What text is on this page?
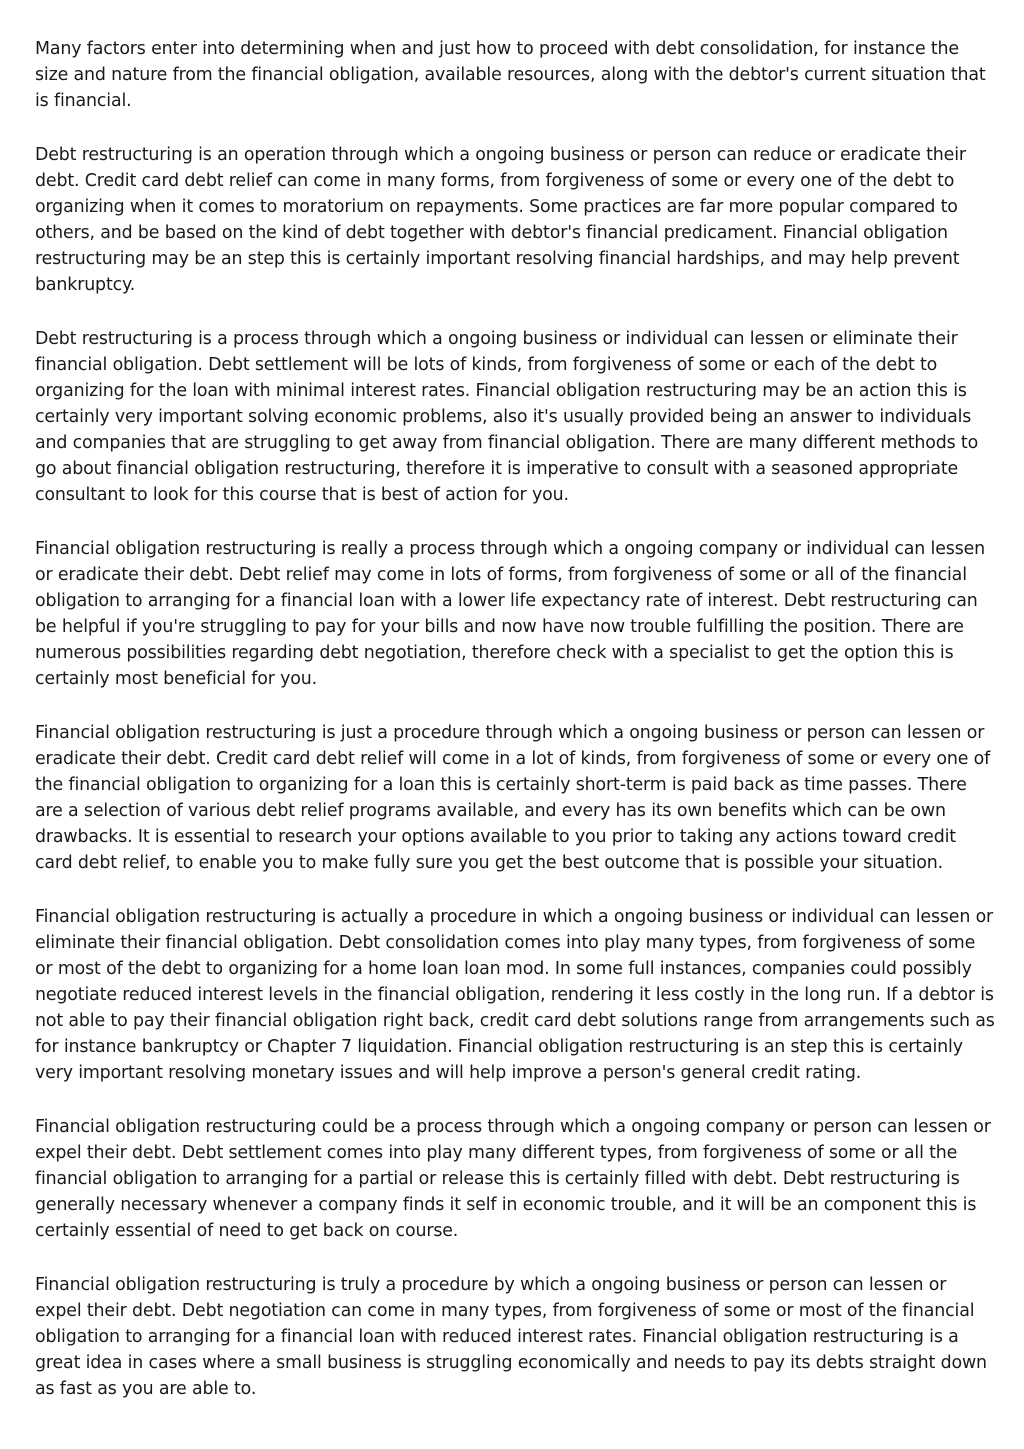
Many factors enter into determining when and just how to proceed with debt consolidation, for instance the size and nature from the financial obligation, available resources, along with the debtor's current situation that is financial.

Debt restructuring is an operation through which a ongoing business or person can reduce or eradicate their debt. Credit card debt relief can come in many forms, from forgiveness of some or every one of the debt to organizing when it comes to moratorium on repayments. Some practices are far more popular compared to others, and be based on the kind of debt together with debtor's financial predicament. Financial obligation restructuring may be an step this is certainly important resolving financial hardships, and may help prevent bankruptcy.

Debt restructuring is a process through which a ongoing business or individual can lessen or eliminate their financial obligation. Debt settlement will be lots of kinds, from forgiveness of some or each of the debt to organizing for the loan with minimal interest rates. Financial obligation restructuring may be an action this is certainly very important solving economic problems, also it's usually provided being an answer to individuals and companies that are struggling to get away from financial obligation. There are many different methods to go about financial obligation restructuring, therefore it is imperative to consult with a seasoned appropriate consultant to look for this course that is best of action for you.

Financial obligation restructuring is really a process through which a ongoing company or individual can lessen or eradicate their debt. Debt relief may come in lots of forms, from forgiveness of some or all of the financial obligation to arranging for a financial loan with a lower life expectancy rate of interest. Debt restructuring can be helpful if you're struggling to pay for your bills and now have now trouble fulfilling the position. There are numerous possibilities regarding debt negotiation, therefore check with a specialist to get the option this is certainly most beneficial for you.

Financial obligation restructuring is just a procedure through which a ongoing business or person can lessen or eradicate their debt. Credit card debt relief will come in a lot of kinds, from forgiveness of some or every one of the financial obligation to organizing for a loan this is certainly short-term is paid back as time passes. There are a selection of various debt relief programs available, and every has its own benefits which can be own drawbacks. It is essential to research your options available to you prior to taking any actions toward credit card debt relief, to enable you to make fully sure you get the best outcome that is possible your situation.

Financial obligation restructuring is actually a procedure in which a ongoing business or individual can lessen or eliminate their financial obligation. Debt consolidation comes into play many types, from forgiveness of some or most of the debt to organizing for a home loan loan mod. In some full instances, companies could possibly negotiate reduced interest levels in the financial obligation, rendering it less costly in the long run. If a debtor is not able to pay their financial obligation right back, credit card debt solutions range from arrangements such as for instance bankruptcy or Chapter 7 liquidation. Financial obligation restructuring is an step this is certainly very important resolving monetary issues and will help improve a person's general credit rating.

Financial obligation restructuring could be a process through which a ongoing company or person can lessen or expel their debt. Debt settlement comes into play many different types, from forgiveness of some or all the financial obligation to arranging for a partial or release this is certainly filled with debt. Debt restructuring is generally necessary whenever a company finds it self in economic trouble, and it will be an component this is certainly essential of need to get back on course.

Financial obligation restructuring is truly a procedure by which a ongoing business or person can lessen or expel their debt. Debt negotiation can come in many types, from forgiveness of some or most of the financial obligation to arranging for a financial loan with reduced interest rates. Financial obligation restructuring is a great idea in cases where a small business is struggling economically and needs to pay its debts straight down as fast as you are able to.
